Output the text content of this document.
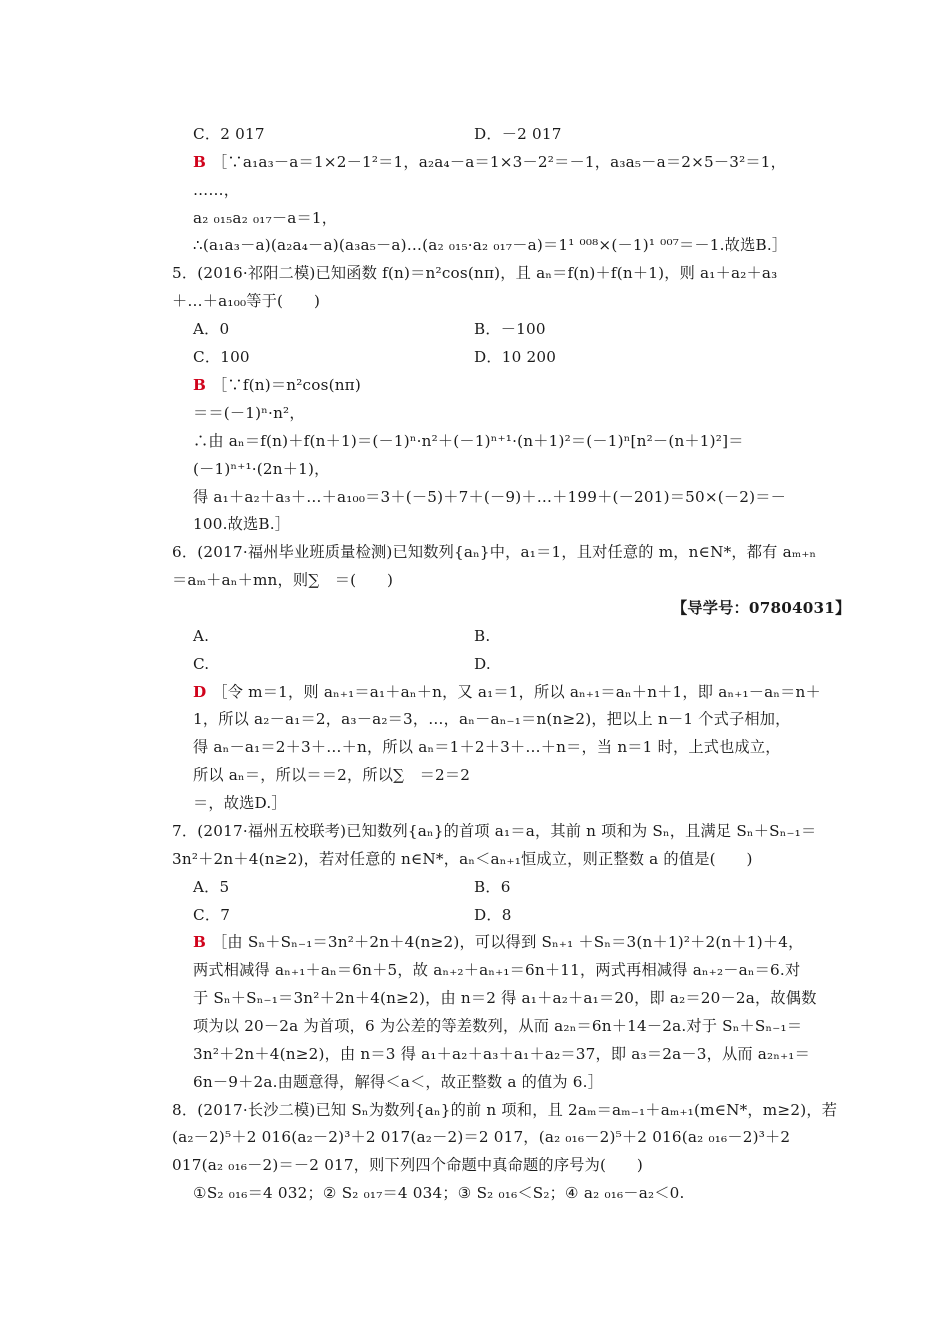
C．2 017	D．－2 017
B ［∵a₁a₃－a＝1×2－1²＝1，a₂a₄－a＝1×3－2²＝－1，a₃a₅－a＝2×5－3²＝1，
……，
a₂ ₀₁₅a₂ ₀₁₇－a＝1，
∴(a₁a₃－a)(a₂a₄－a)(a₃a₅－a)…(a₂ ₀₁₅·a₂ ₀₁₇－a)＝1¹ ⁰⁰⁸×(－1)¹ ⁰⁰⁷＝－1.故选B.］
5．(2016·祁阳二模)已知函数 f(n)＝n²cos(nπ)，且 aₙ＝f(n)＋f(n＋1)，则 a₁＋a₂＋a₃
＋…＋a₁₀₀等于(　　)
A．0	B．－100
C．100	D．10 200
B ［∵f(n)＝n²cos(nπ)
＝＝(－1)ⁿ·n²，
∴由 aₙ＝f(n)＋f(n＋1)＝(－1)ⁿ·n²＋(－1)ⁿ⁺¹·(n＋1)²＝(－1)ⁿ[n²－(n＋1)²]＝
(－1)ⁿ⁺¹·(2n＋1)，
得 a₁＋a₂＋a₃＋…＋a₁₀₀＝3＋(－5)＋7＋(－9)＋…＋199＋(－201)＝50×(－2)＝－
100.故选B.］
6．(2017·福州毕业班质量检测)已知数列{aₙ}中，a₁＝1，且对任意的 m，n∈N*，都有 aₘ₊ₙ
＝aₘ＋aₙ＋mn，则∑　＝(　　)
【导学号：07804031】
A.	B.
C.	D.
D ［令 m＝1，则 aₙ₊₁＝a₁＋aₙ＋n，又 a₁＝1，所以 aₙ₊₁＝aₙ＋n＋1，即 aₙ₊₁－aₙ＝n＋
1，所以 a₂－a₁＝2，a₃－a₂＝3，…，aₙ－aₙ₋₁＝n(n≥2)，把以上 n－1 个式子相加，
得 aₙ－a₁＝2＋3＋…＋n，所以 aₙ＝1＋2＋3＋…＋n＝，当 n＝1 时，上式也成立，
所以 aₙ＝，所以＝＝2，所以∑　＝2＝2
＝，故选D.］
7．(2017·福州五校联考)已知数列{aₙ}的首项 a₁＝a，其前 n 项和为 Sₙ，且满足 Sₙ＋Sₙ₋₁＝
3n²＋2n＋4(n≥2)，若对任意的 n∈N*，aₙ＜aₙ₊₁恒成立，则正整数 a 的值是(　　)
A．5	B．6
C．7	D．8
B ［由 Sₙ＋Sₙ₋₁＝3n²＋2n＋4(n≥2)，可以得到 Sₙ₊₁ ＋Sₙ＝3(n＋1)²＋2(n＋1)＋4，
两式相减得 aₙ₊₁＋aₙ＝6n＋5，故 aₙ₊₂＋aₙ₊₁＝6n＋11，两式再相减得 aₙ₊₂－aₙ＝6.对
于 Sₙ＋Sₙ₋₁＝3n²＋2n＋4(n≥2)，由 n＝2 得 a₁＋a₂＋a₁＝20，即 a₂＝20－2a，故偶数
项为以 20－2a 为首项，6 为公差的等差数列，从而 a₂ₙ＝6n＋14－2a.对于 Sₙ＋Sₙ₋₁＝
3n²＋2n＋4(n≥2)，由 n＝3 得 a₁＋a₂＋a₃＋a₁＋a₂＝37，即 a₃＝2a－3，从而 a₂ₙ₊₁＝
6n－9＋2a.由题意得，解得＜a＜，故正整数 a 的值为 6.］
8．(2017·长沙二模)已知 Sₙ为数列{aₙ}的前 n 项和，且 2aₘ＝aₘ₋₁＋aₘ₊₁(m∈N*，m≥2)，若
(a₂－2)⁵＋2 016(a₂－2)³＋2 017(a₂－2)＝2 017，(a₂ ₀₁₆－2)⁵＋2 016(a₂ ₀₁₆－2)³＋2
017(a₂ ₀₁₆－2)＝－2 017，则下列四个命题中真命题的序号为(　　)
①S₂ ₀₁₆＝4 032；② S₂ ₀₁₇＝4 034；③ S₂ ₀₁₆＜S₂；④ a₂ ₀₁₆－a₂＜0.
